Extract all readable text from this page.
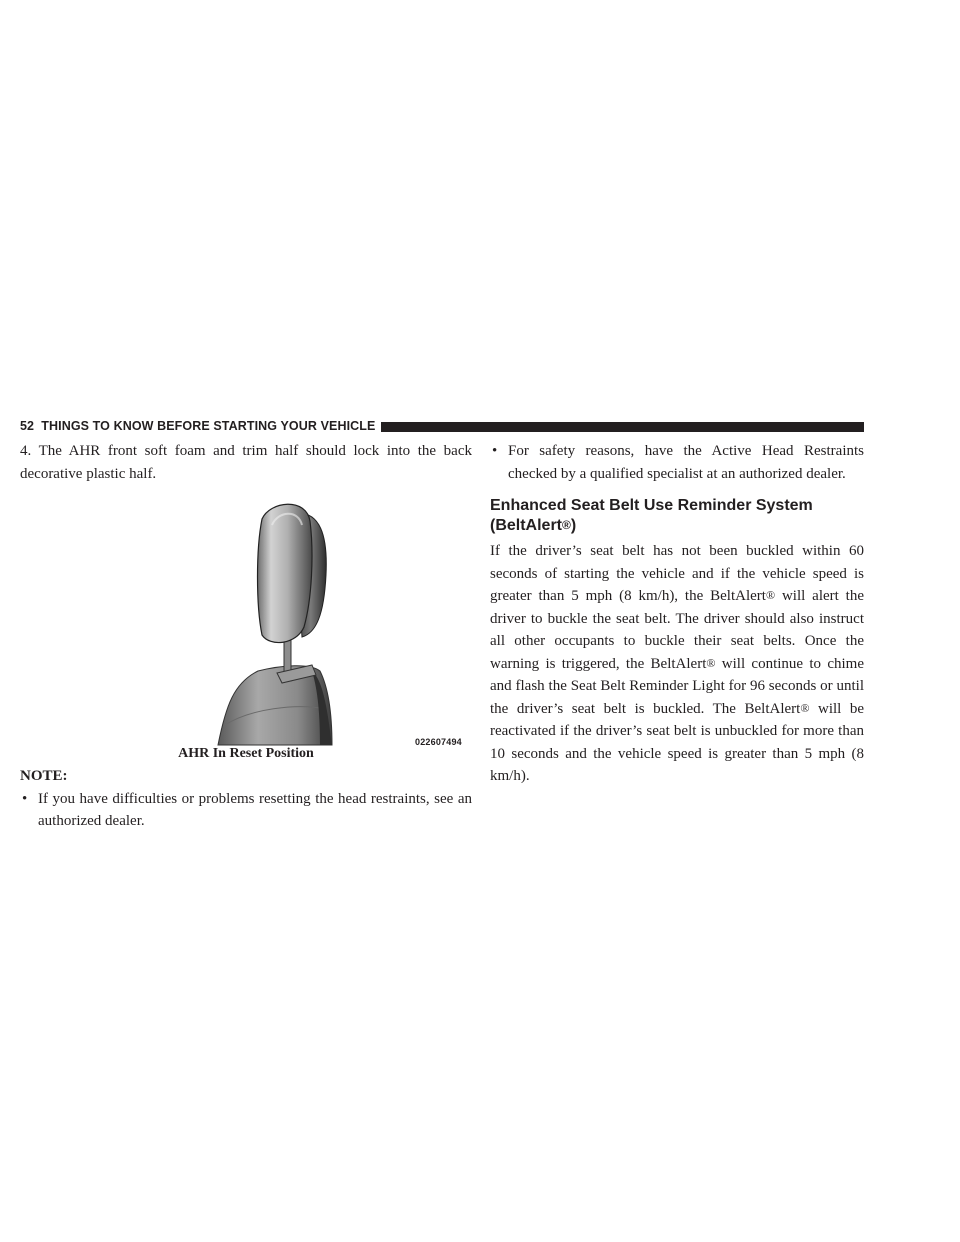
52 THINGS TO KNOW BEFORE STARTING YOUR VEHICLE

4. The AHR front soft foam and trim half should lock into the back decorative plastic half.

022607494
AHR In Reset Position
NOTE:
• If you have difficulties or problems resetting the head restraints, see an authorized dealer.
• For safety reasons, have the Active Head Restraints checked by a qualified specialist at an authorized dealer.
Enhanced Seat Belt Use Reminder System
(BeltAlert®)

If the driver’s seat belt has not been buckled within 60 seconds of starting the vehicle and if the vehicle speed is greater than 5 mph (8 km/h), the BeltAlert® will alert the driver to buckle the seat belt. The driver should also instruct all other occupants to buckle their seat belts. Once the warning is triggered, the BeltAlert® will continue to chime and flash the Seat Belt Reminder Light for 96 seconds or until the driver’s seat belt is buckled. The BeltAlert® will be reactivated if the driver’s seat belt is unbuckled for more than 10 seconds and the vehicle speed is greater than 5 mph (8 km/h).
